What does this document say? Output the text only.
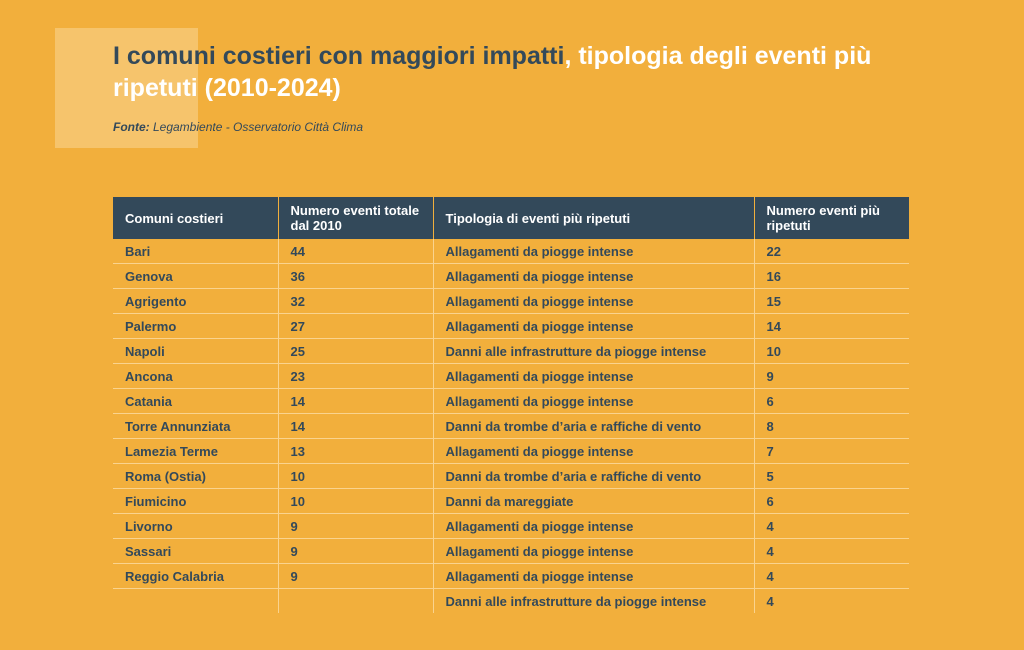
I comuni costieri con maggiori impatti, tipologia degli eventi più ripetuti (2010-2024)
Fonte: Legambiente - Osservatorio Città Clima
Comuni costieri	Numero eventi totale dal 2010	Tipologia di eventi più ripetuti	Numero eventi più ripetuti
Bari	44	Allagamenti da piogge intense	22
Genova	36	Allagamenti da piogge intense	16
Agrigento	32	Allagamenti da piogge intense	15
Palermo	27	Allagamenti da piogge intense	14
Napoli	25	Danni alle infrastrutture da piogge intense	10
Ancona	23	Allagamenti da piogge intense	9
Catania	14	Allagamenti da piogge intense	6
Torre Annunziata	14	Danni da trombe d’aria e raffiche di vento	8
Lamezia Terme	13	Allagamenti da piogge intense	7
Roma (Ostia)	10	Danni da trombe d’aria e raffiche di vento	5
Fiumicino	10	Danni da mareggiate	6
Livorno	9	Allagamenti da piogge intense	4
Sassari	9	Allagamenti da piogge intense	4
Reggio Calabria	9	Allagamenti da piogge intense	4
		Danni alle infrastrutture da piogge intense	4
